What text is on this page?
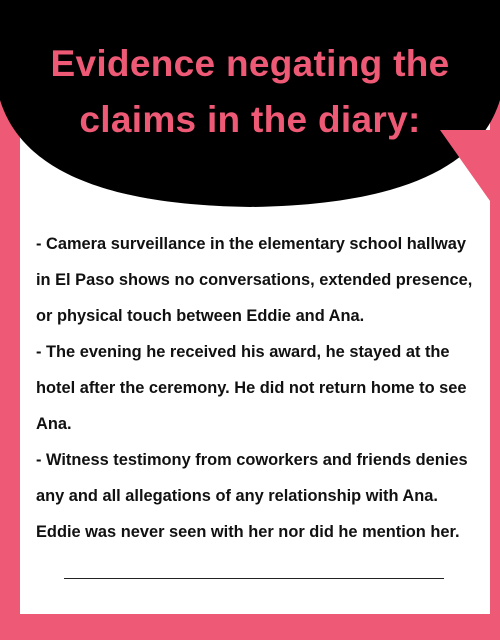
Evidence negating the
claims in the diary:

- Camera surveillance in the elementary school hallway in El Paso shows no conversations, extended presence, or physical touch between Eddie and Ana.

- The evening he received his award, he stayed at the hotel after the ceremony. He did not return home to see Ana.

- Witness testimony from coworkers and friends denies any and all allegations of any relationship with Ana. Eddie was never seen with her nor did he mention her.
